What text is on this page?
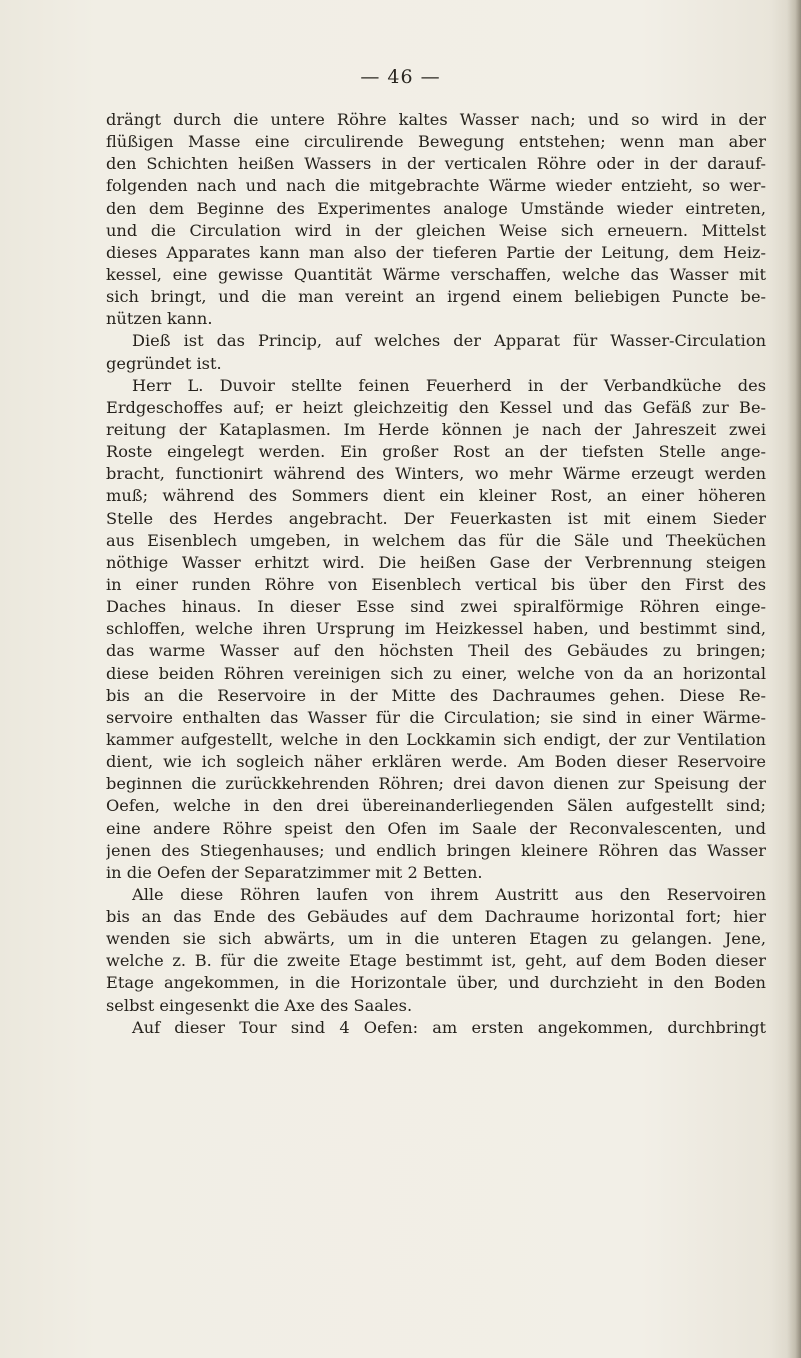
— 46 —
drängt durch die untere Röhre kaltes Wasser nach; und so wird in der
flüßigen Masse eine circulirende Bewegung entstehen; wenn man aber
den Schichten heißen Wassers in der verticalen Röhre oder in der darauf-
folgenden nach und nach die mitgebrachte Wärme wieder entzieht, so wer-
den dem Beginne des Experimentes analoge Umstände wieder eintreten,
und die Circulation wird in der gleichen Weise sich erneuern. Mittelst
dieses Apparates kann man also der tieferen Partie der Leitung, dem Heiz-
kessel, eine gewisse Quantität Wärme verschaffen, welche das Wasser mit
sich bringt, und die man vereint an irgend einem beliebigen Puncte be-
nützen kann.
Dieß ist das Princip, auf welches der Apparat für Wasser-Circulation
gegründet ist.
Herr L. Duvoir stellte feinen Feuerherd in der Verbandküche des
Erdgeschoffes auf; er heizt gleichzeitig den Kessel und das Gefäß zur Be-
reitung der Kataplasmen. Im Herde können je nach der Jahreszeit zwei
Roste eingelegt werden. Ein großer Rost an der tiefsten Stelle ange-
bracht, functionirt während des Winters, wo mehr Wärme erzeugt werden
muß; während des Sommers dient ein kleiner Rost, an einer höheren
Stelle des Herdes angebracht. Der Feuerkasten ist mit einem Sieder
aus Eisenblech umgeben, in welchem das für die Säle und Theeküchen
nöthige Wasser erhitzt wird. Die heißen Gase der Verbrennung steigen
in einer runden Röhre von Eisenblech vertical bis über den First des
Daches hinaus. In dieser Esse sind zwei spiralförmige Röhren einge-
schloffen, welche ihren Ursprung im Heizkessel haben, und bestimmt sind,
das warme Wasser auf den höchsten Theil des Gebäudes zu bringen;
diese beiden Röhren vereinigen sich zu einer, welche von da an horizontal
bis an die Reservoire in der Mitte des Dachraumes gehen. Diese Re-
servoire enthalten das Wasser für die Circulation; sie sind in einer Wärme-
kammer aufgestellt, welche in den Lockkamin sich endigt, der zur Ventilation
dient, wie ich sogleich näher erklären werde. Am Boden dieser Reservoire
beginnen die zurückkehrenden Röhren; drei davon dienen zur Speisung der
Oefen, welche in den drei übereinanderliegenden Sälen aufgestellt sind;
eine andere Röhre speist den Ofen im Saale der Reconvalescenten, und
jenen des Stiegenhauses; und endlich bringen kleinere Röhren das Wasser
in die Oefen der Separatzimmer mit 2 Betten.
Alle diese Röhren laufen von ihrem Austritt aus den Reservoiren
bis an das Ende des Gebäudes auf dem Dachraume horizontal fort; hier
wenden sie sich abwärts, um in die unteren Etagen zu gelangen. Jene,
welche z. B. für die zweite Etage bestimmt ist, geht, auf dem Boden dieser
Etage angekommen, in die Horizontale über, und durchzieht in den Boden
selbst eingesenkt die Axe des Saales.
Auf dieser Tour sind 4 Oefen: am ersten angekommen, durchbringt
